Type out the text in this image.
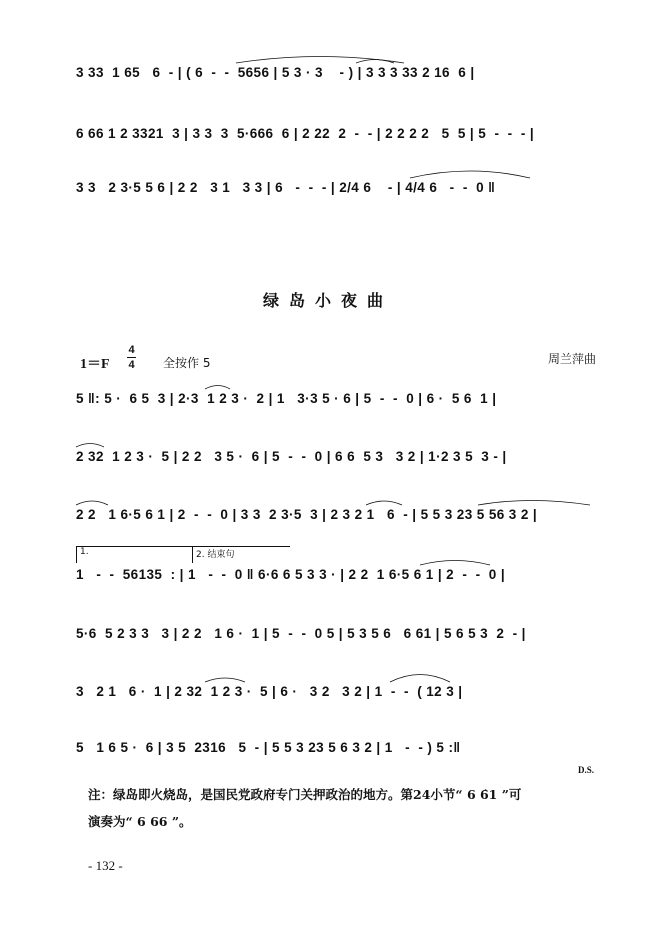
3 33  1 65   6  - | ( 6  -  -  5656 | 5 3 · 3    - ) | 3 3 3 33 2 16  6 |
6 66 1 2 3321  3 | 3 3  3  5·666  6 | 2 22  2  -  - | 2 2 2 2   5  5 | 5  -  -  - |
3 3   2 3·5 5 6 | 2 2   3 1   3 3 | 6   -  -  - | 2/4 6    - | 4/4 6   -  -  0 ‖
绿岛小夜曲
1＝F
4
4 全按作 5	周兰萍曲
5 ‖: 5 ·  6 5  3 | 2·3  1 2 3 ·  2 | 1   3·3 5 · 6 | 5  -  -  0 | 6 ·  5 6  1 |
2 32  1 2 3 ·  5 | 2 2   3 5 ·  6 | 5  -  -  0 | 6 6  5 3   3 2 | 1·2 3 5  3 - |
2 2   1 6·5 6 1 | 2  -  -  0 | 3 3  2 3·5  3 | 2 3 2 1   6  - | 5 5 3 23 5 56 3 2 |
1.	2. 结束句
1   -  -  56135  : | 1   -  -  0 ‖ 6·6 6 5 3 3 · | 2 2  1 6·5 6 1 | 2  -  -  0 |
5·6  5 2 3 3   3 | 2 2   1 6 ·  1 | 5  -  -  0 5 | 5 3 5 6   6 61 | 5 6 5 3  2  - |
3   2 1   6 ·  1 | 2 32  1 2 3 ·  5 | 6 ·   3 2   3 2 | 1  -  -  ( 12 3 |
5   1 6 5 ·  6 | 3 5  2316   5  - | 5 5 3 23 5 6 3 2 | 1   -  - ) 5 :‖
D.S.
注：绿岛即火烧岛，是国民党政府专门关押政治的地方。第24小节“ 6 6̇1 ”可
演奏为“ 6 66 ”。
- 132 -
